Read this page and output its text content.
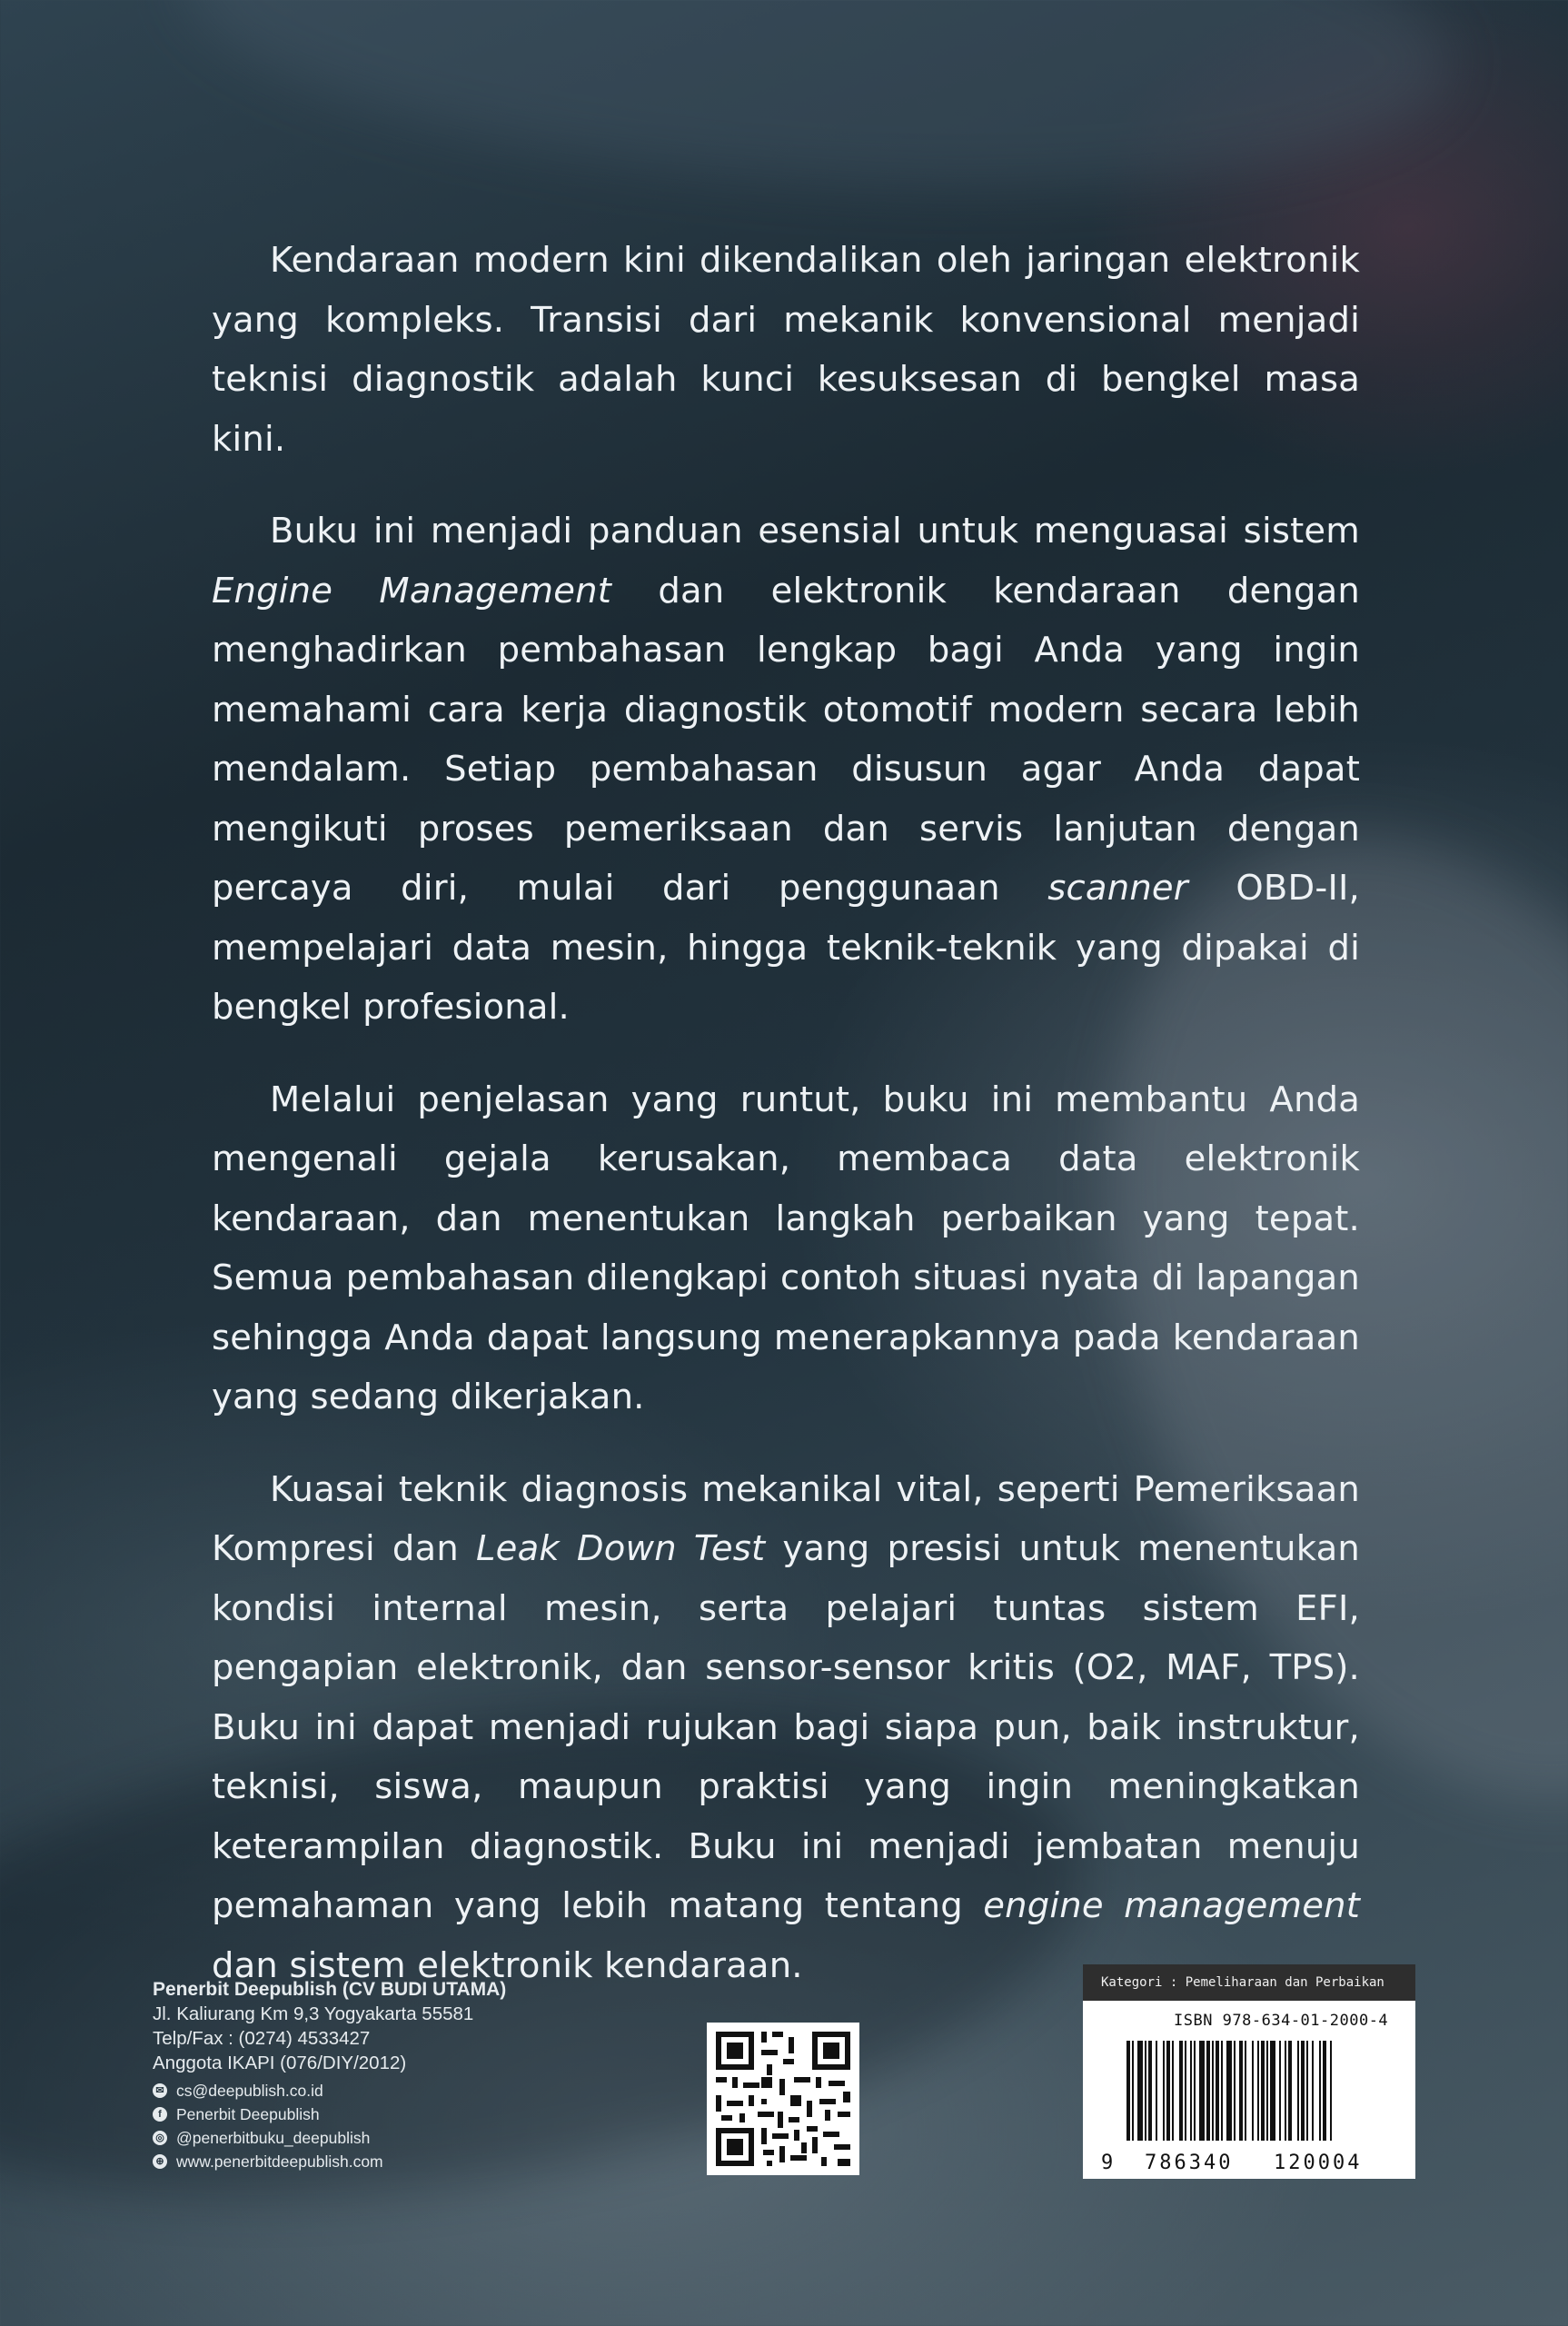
Kendaraan modern kini dikendalikan oleh jaringan elektronik yang kompleks. Transisi dari mekanik konvensional menjadi teknisi diagnostik adalah kunci kesuksesan di bengkel masa kini.

Buku ini menjadi panduan esensial untuk menguasai sistem Engine Management dan elektronik kendaraan dengan menghadirkan pembahasan lengkap bagi Anda yang ingin memahami cara kerja diagnostik otomotif modern secara lebih mendalam. Setiap pembahasan disusun agar Anda dapat mengikuti proses pemeriksaan dan servis lanjutan dengan percaya diri, mulai dari penggunaan scanner OBD-II, mempelajari data mesin, hingga teknik-teknik yang dipakai di bengkel profesional.

Melalui penjelasan yang runtut, buku ini membantu Anda mengenali gejala kerusakan, membaca data elektronik kendaraan, dan menentukan langkah perbaikan yang tepat. Semua pembahasan dilengkapi contoh situasi nyata di lapangan sehingga Anda dapat langsung menerapkannya pada kendaraan yang sedang dikerjakan.

Kuasai teknik diagnosis mekanikal vital, seperti Pemeriksaan Kompresi dan Leak Down Test yang presisi untuk menentukan kondisi internal mesin, serta pelajari tuntas sistem EFI, pengapian elektronik, dan sensor-sensor kritis (O2, MAF, TPS). Buku ini dapat menjadi rujukan bagi siapa pun, baik instruktur, teknisi, siswa, maupun praktisi yang ingin meningkatkan keterampilan diagnostik. Buku ini menjadi jembatan menuju pemahaman yang lebih matang tentang engine management dan sistem elektronik kendaraan.

Penerbit Deepublish (CV BUDI UTAMA)
Jl. Kaliurang Km 9,3 Yogyakarta 55581
Telp/Fax : (0274) 4533427
Anggota IKAPI (076/DIY/2012)
✉ cs@deepublish.co.id
f Penerbit Deepublish
◎ @penerbitbuku_deepublish
⊕ www.penerbitdeepublish.com
Kategori : Pemeliharaan dan Perbaikan
ISBN 978-634-01-2000-4
9 786340 120004
